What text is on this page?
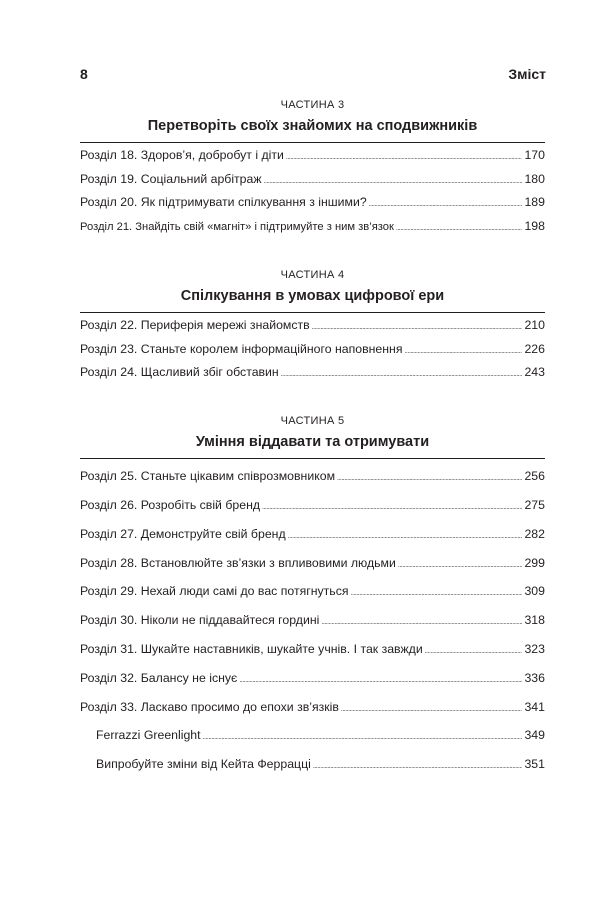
8	Зміст
ЧАСТИНА 3
Перетворіть своїх знайомих на сподвижників
Розділ 18. Здоров’я, добробут і діти .....	170
Розділ 19. Соціальний арбітраж .....	180
Розділ 20. Як підтримувати спілкування з іншими? .....	189
Розділ 21. Знайдіть свій «магніт» і підтримуйте з ним зв’язок .....	198
ЧАСТИНА 4
Спілкування в умовах цифрової ери
Розділ 22. Периферія мережі знайомств .....	210
Розділ 23. Станьте королем інформаційного наповнення .....	226
Розділ 24. Щасливий збіг обставин .....	243
ЧАСТИНА 5
Уміння віддавати та отримувати
Розділ 25. Станьте цікавим співрозмовником .....	256
Розділ 26. Розробіть свій бренд .....	275
Розділ 27. Демонструйте свій бренд .....	282
Розділ 28. Встановлюйте зв’язки з впливовими людьми .....	299
Розділ 29. Нехай люди самі до вас потягнуться .....	309
Розділ 30. Ніколи не піддавайтеся гордині .....	318
Розділ 31. Шукайте наставників, шукайте учнів. І так завжди .....	323
Розділ 32. Балансу не існує .....	336
Розділ 33. Ласкаво просимо до епохи зв’язків .....	341
Ferrazzi Greenlight .....	349
Випробуйте зміни від Кейта Ферраццi .....	351
